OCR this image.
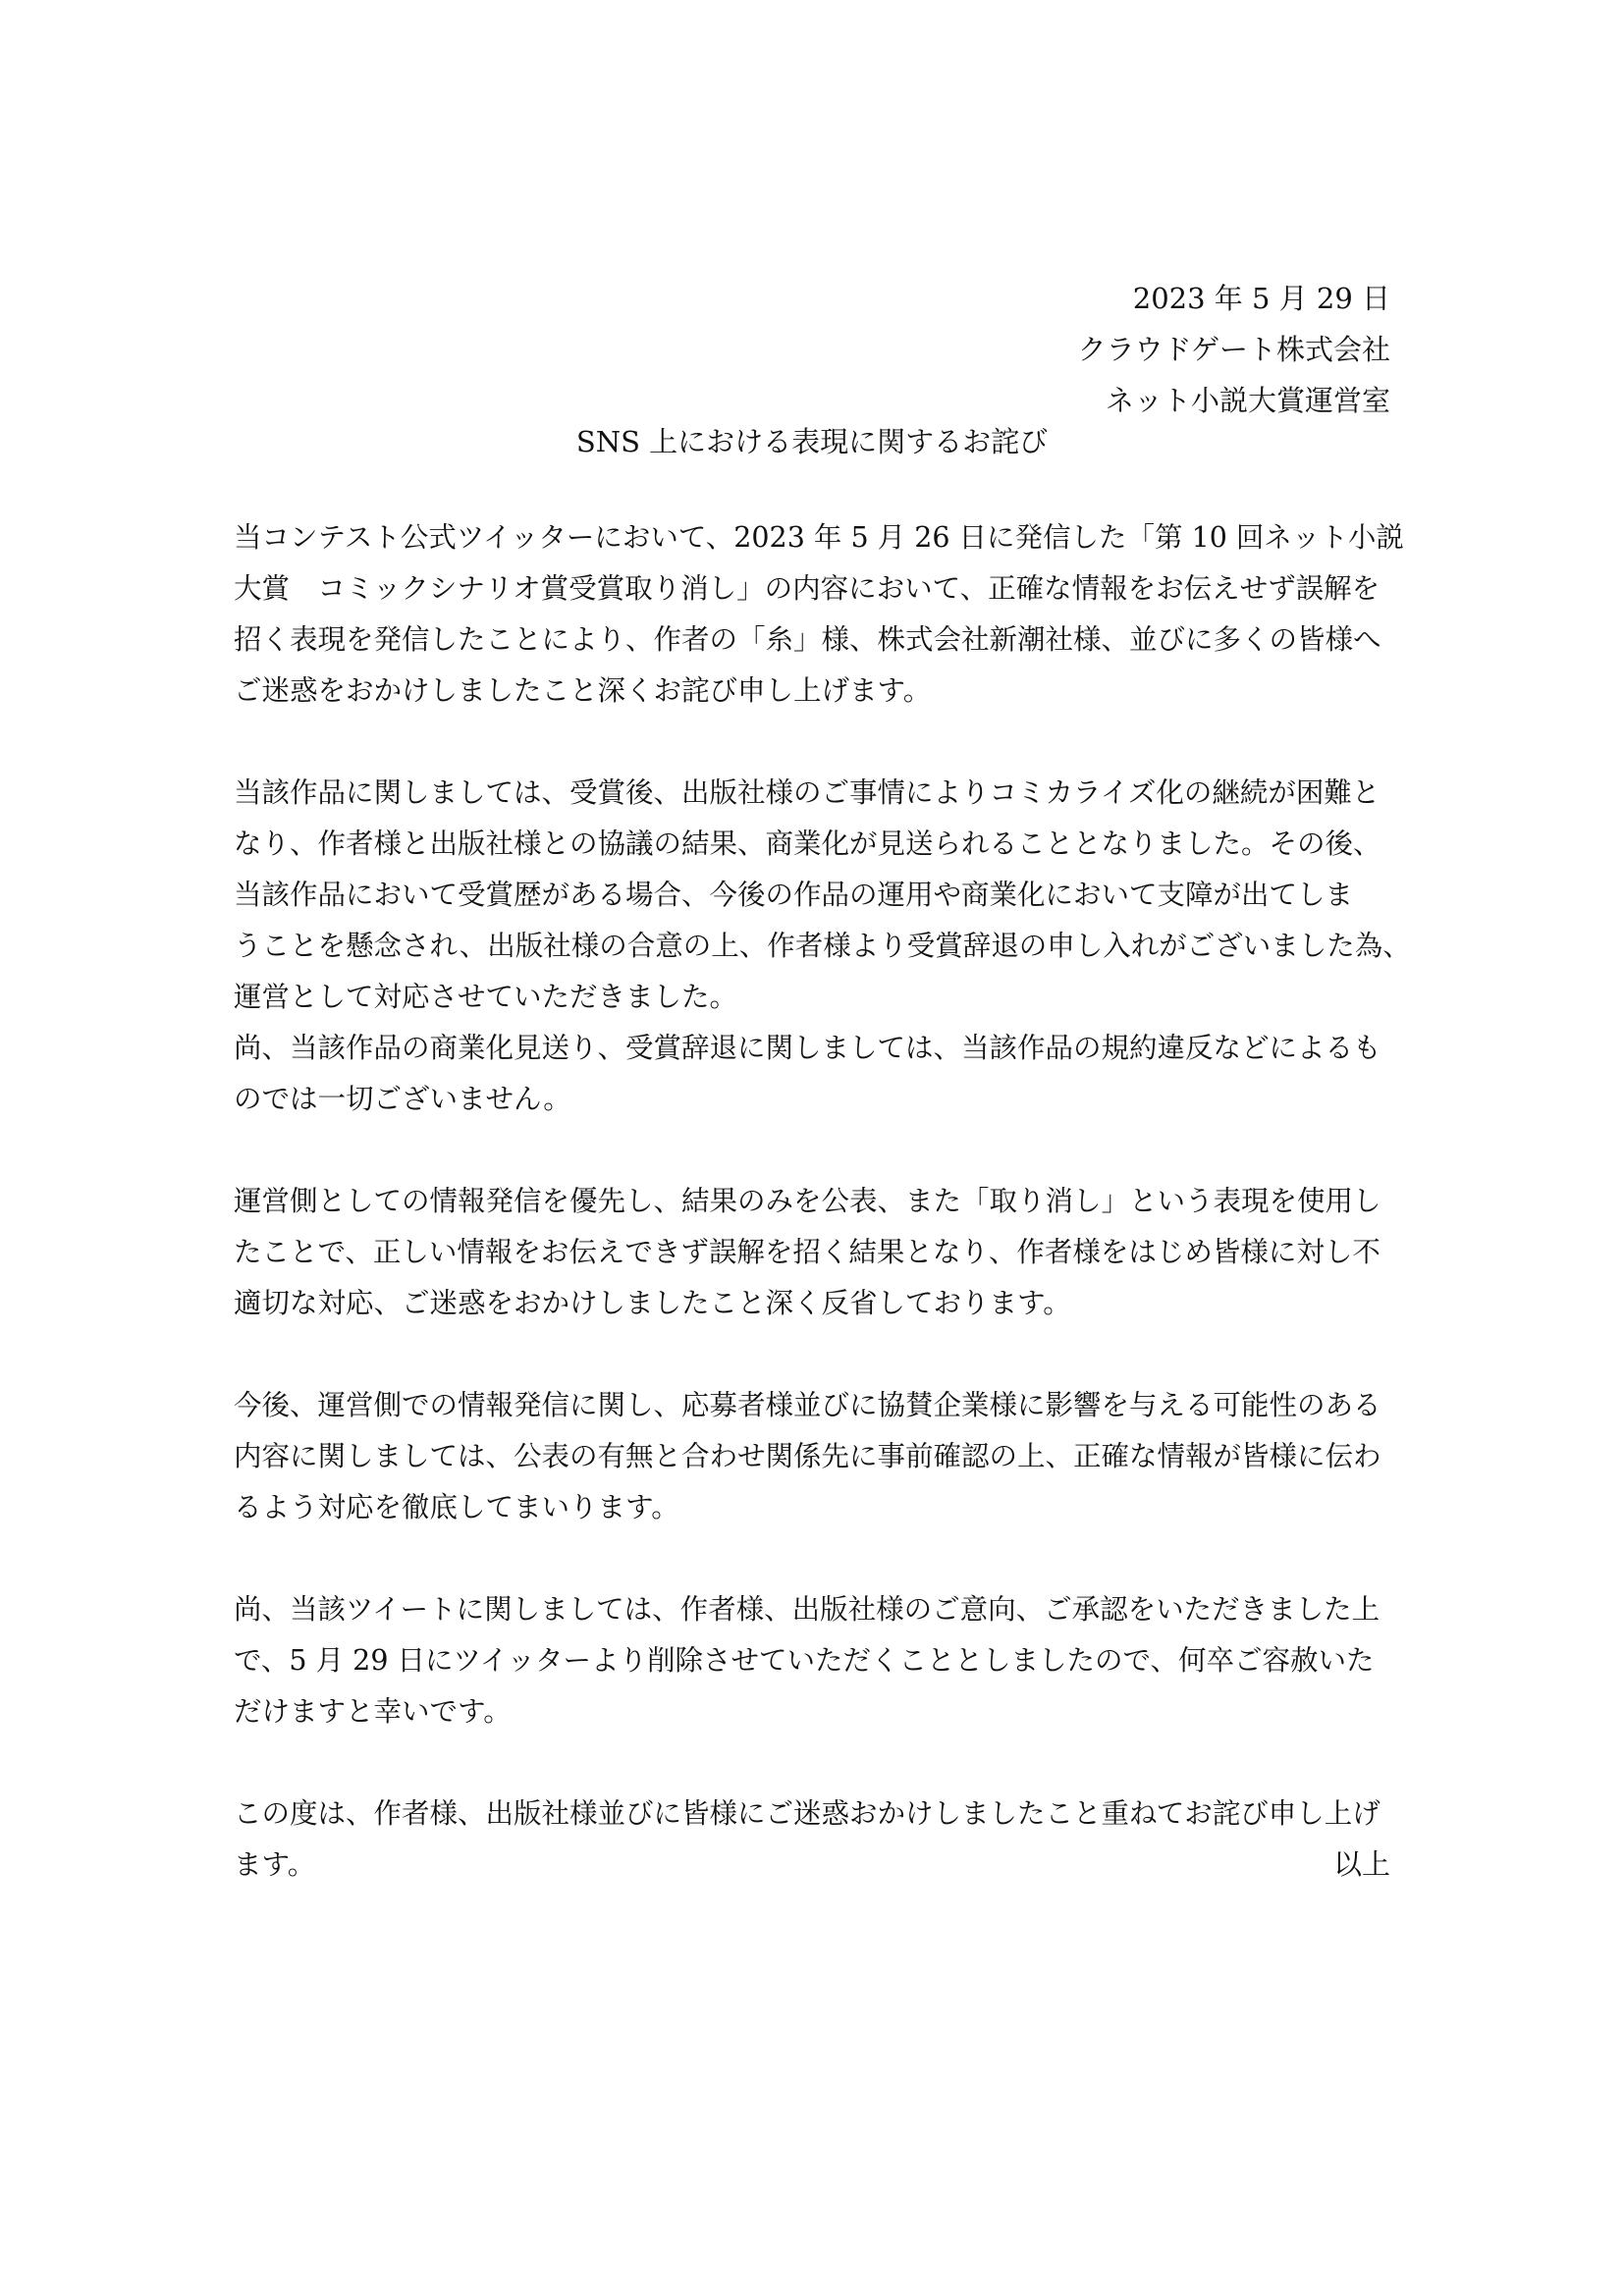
2023 年 5 月 29 日
クラウドゲート株式会社
ネット小説大賞運営室
SNS 上における表現に関するお詫び

当コンテスト公式ツイッターにおいて、2023 年 5 月 26 日に発信した「第 10 回ネット小説
大賞　コミックシナリオ賞受賞取り消し」の内容において、正確な情報をお伝えせず誤解を
招く表現を発信したことにより、作者の「糸」様、株式会社新潮社様、並びに多くの皆様へ
ご迷惑をおかけしましたこと深くお詫び申し上げます。

当該作品に関しましては、受賞後、出版社様のご事情によりコミカライズ化の継続が困難と
なり、作者様と出版社様との協議の結果、商業化が見送られることとなりました。その後、
当該作品において受賞歴がある場合、今後の作品の運用や商業化において支障が出てしま
うことを懸念され、出版社様の合意の上、作者様より受賞辞退の申し入れがございました為、
運営として対応させていただきました。
尚、当該作品の商業化見送り、受賞辞退に関しましては、当該作品の規約違反などによるも
のでは一切ございません。

運営側としての情報発信を優先し、結果のみを公表、また「取り消し」という表現を使用し
たことで、正しい情報をお伝えできず誤解を招く結果となり、作者様をはじめ皆様に対し不
適切な対応、ご迷惑をおかけしましたこと深く反省しております。

今後、運営側での情報発信に関し、応募者様並びに協賛企業様に影響を与える可能性のある
内容に関しましては、公表の有無と合わせ関係先に事前確認の上、正確な情報が皆様に伝わ
るよう対応を徹底してまいります。

尚、当該ツイートに関しましては、作者様、出版社様のご意向、ご承認をいただきました上
で、5 月 29 日にツイッターより削除させていただくこととしましたので、何卒ご容赦いた
だけますと幸いです。

この度は、作者様、出版社様並びに皆様にご迷惑おかけしましたこと重ねてお詫び申し上げ
ます。	以上
